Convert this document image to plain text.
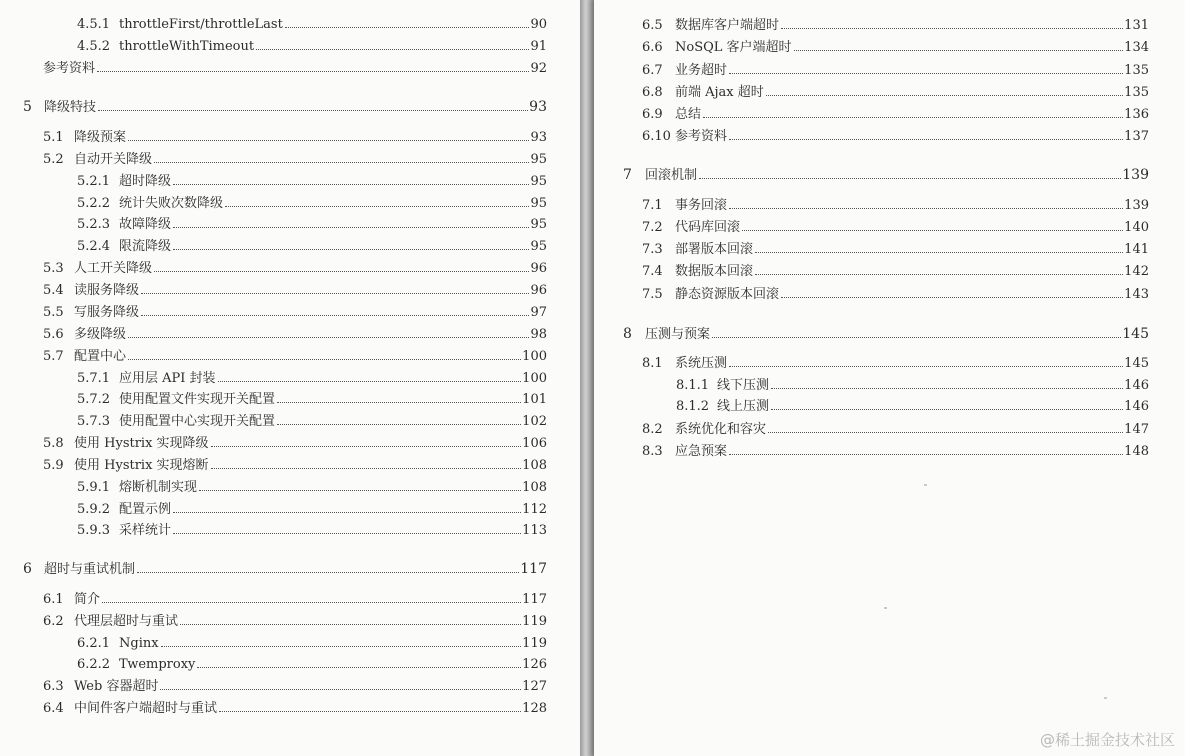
4.5.1 throttleFirst/throttleLast	90
4.5.2 throttleWithTimeout	91
参考资料	92
5 降级特技	93
5.1 降级预案	93
5.2 自动开关降级	95
5.2.1 超时降级	95
5.2.2 统计失败次数降级	95
5.2.3 故障降级	95
5.2.4 限流降级	95
5.3 人工开关降级	96
5.4 读服务降级	96
5.5 写服务降级	97
5.6 多级降级	98
5.7 配置中心	100
5.7.1 应用层 API 封装	100
5.7.2 使用配置文件实现开关配置	101
5.7.3 使用配置中心实现开关配置	102
5.8 使用 Hystrix 实现降级	106
5.9 使用 Hystrix 实现熔断	108
5.9.1 熔断机制实现	108
5.9.2 配置示例	112
5.9.3 采样统计	113
6 超时与重试机制	117
6.1 简介	117
6.2 代理层超时与重试	119
6.2.1 Nginx	119
6.2.2 Twemproxy	126
6.3 Web 容器超时	127
6.4 中间件客户端超时与重试	128
6.5 数据库客户端超时	131
6.6 NoSQL 客户端超时	134
6.7 业务超时	135
6.8 前端 Ajax 超时	135
6.9 总结	136
6.10 参考资料	137
7	回滚机制	139
7.1 事务回滚	139
7.2 代码库回滚	140
7.3 部署版本回滚	141
7.4 数据版本回滚	142
7.5 静态资源版本回滚	143
8	压测与预案	145
8.1 系统压测	145
8.1.1 线下压测	146
8.1.2 线上压测	146
8.2 系统优化和容灾	147
8.3 应急预案	148
@稀土掘金技术社区
